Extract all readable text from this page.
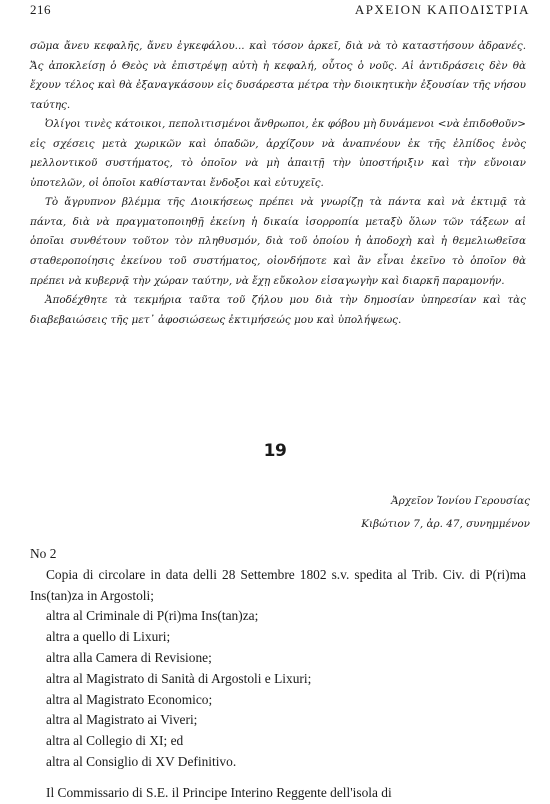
216	ΑΡΧΕΙΟΝ ΚΑΠΟΔΙΣΤΡΙΑ

σῶμα ἄνευ κεφαλῆς, ἄνευ ἐγκεφάλου... καὶ τόσον ἀρκεῖ, διὰ νὰ τὸ καταστήσουν ἀδρανές. Ἄς ἀποκλείσῃ ὁ Θεὸς νὰ ἐπιστρέψῃ αὐτὴ ἡ κεφαλή, οὗτος ὁ νοῦς. Αἱ ἀντιδράσεις δὲν θὰ ἔχουν τέλος καὶ θὰ ἐξαναγκάσουν εἰς δυσάρεστα μέτρα τὴν διοικητικὴν ἐξουσίαν τῆς νήσου ταύτης.

Ὀλίγοι τινὲς κάτοικοι, πεπολιτισμένοι ἄνθρωποι, ἐκ φόβου μὴ δυνάμενοι <νὰ ἐπιδοθοῦν> εἰς σχέσεις μετὰ χωρικῶν καὶ ὁπαδῶν, ἀρχίζουν νὰ ἀναπνέουν ἐκ τῆς ἐλπίδος ἑνὸς μελλοντικοῦ συστήματος, τὸ ὁποῖον νὰ μὴ ἀπαιτῇ τὴν ὑποστήριξιν καὶ τὴν εὔνοιαν ὑποτελῶν, οἱ ὁποῖοι καθίστανται ἔνδοξοι καὶ εὐτυχεῖς.

Τὸ ἄγρυπνον βλέμμα τῆς Διοικήσεως πρέπει νὰ γνωρίζῃ τὰ πάντα καὶ νὰ ἐκτιμᾷ τὰ πάντα, διὰ νὰ πραγματοποιηθῇ ἐκείνη ἡ δικαία ἰσορροπία μεταξὺ ὅλων τῶν τάξεων αἱ ὁποῖαι συνθέτουν τοῦτον τὸν πληθυσμόν, διὰ τοῦ ὁποίου ἡ ἀποδοχὴ καὶ ἡ θεμελιωθεῖσα σταθεροποίησις ἐκείνου τοῦ συστήματος, οἱονδήποτε καὶ ἂν εἶναι ἐκεῖνο τὸ ὁποῖον θὰ πρέπει νὰ κυβερνᾷ τὴν χώραν ταύτην, νὰ ἔχῃ εὔκολον εἰσαγωγὴν καὶ διαρκῆ παραμονήν.

Ἀποδέχθητε τὰ τεκμήρια ταῦτα τοῦ ζήλου μου διὰ τὴν δημοσίαν ὑπηρεσίαν καὶ τὰς διαβεβαιώσεις τῆς μετ᾽ ἀφοσιώσεως ἐκτιμήσεώς μου καὶ ὑπολήψεως.

19
Ἀρχεῖον Ἰονίου Γερουσίας
Κιβώτιον 7, ἀρ. 47, συνημμένον
No 2

Copia di circolare in data delli 28 Settembre 1802 s.v. spedita al Trib. Civ. di P(ri)ma Ins(tan)za in Argostoli;

altra al Criminale di P(ri)ma Ins(tan)za;
altra a quello di Lixuri;
altra alla Camera di Revisione;
altra al Magistrato di Sanità di Argostoli e Lixuri;
altra al Magistrato Economico;
altra al Magistrato ai Viveri;
altra al Collegio di XI; ed
altra al Consiglio di XV Definitivo.

Il Commissario di S.E. il Principe Interino Reggente dell'isola di
